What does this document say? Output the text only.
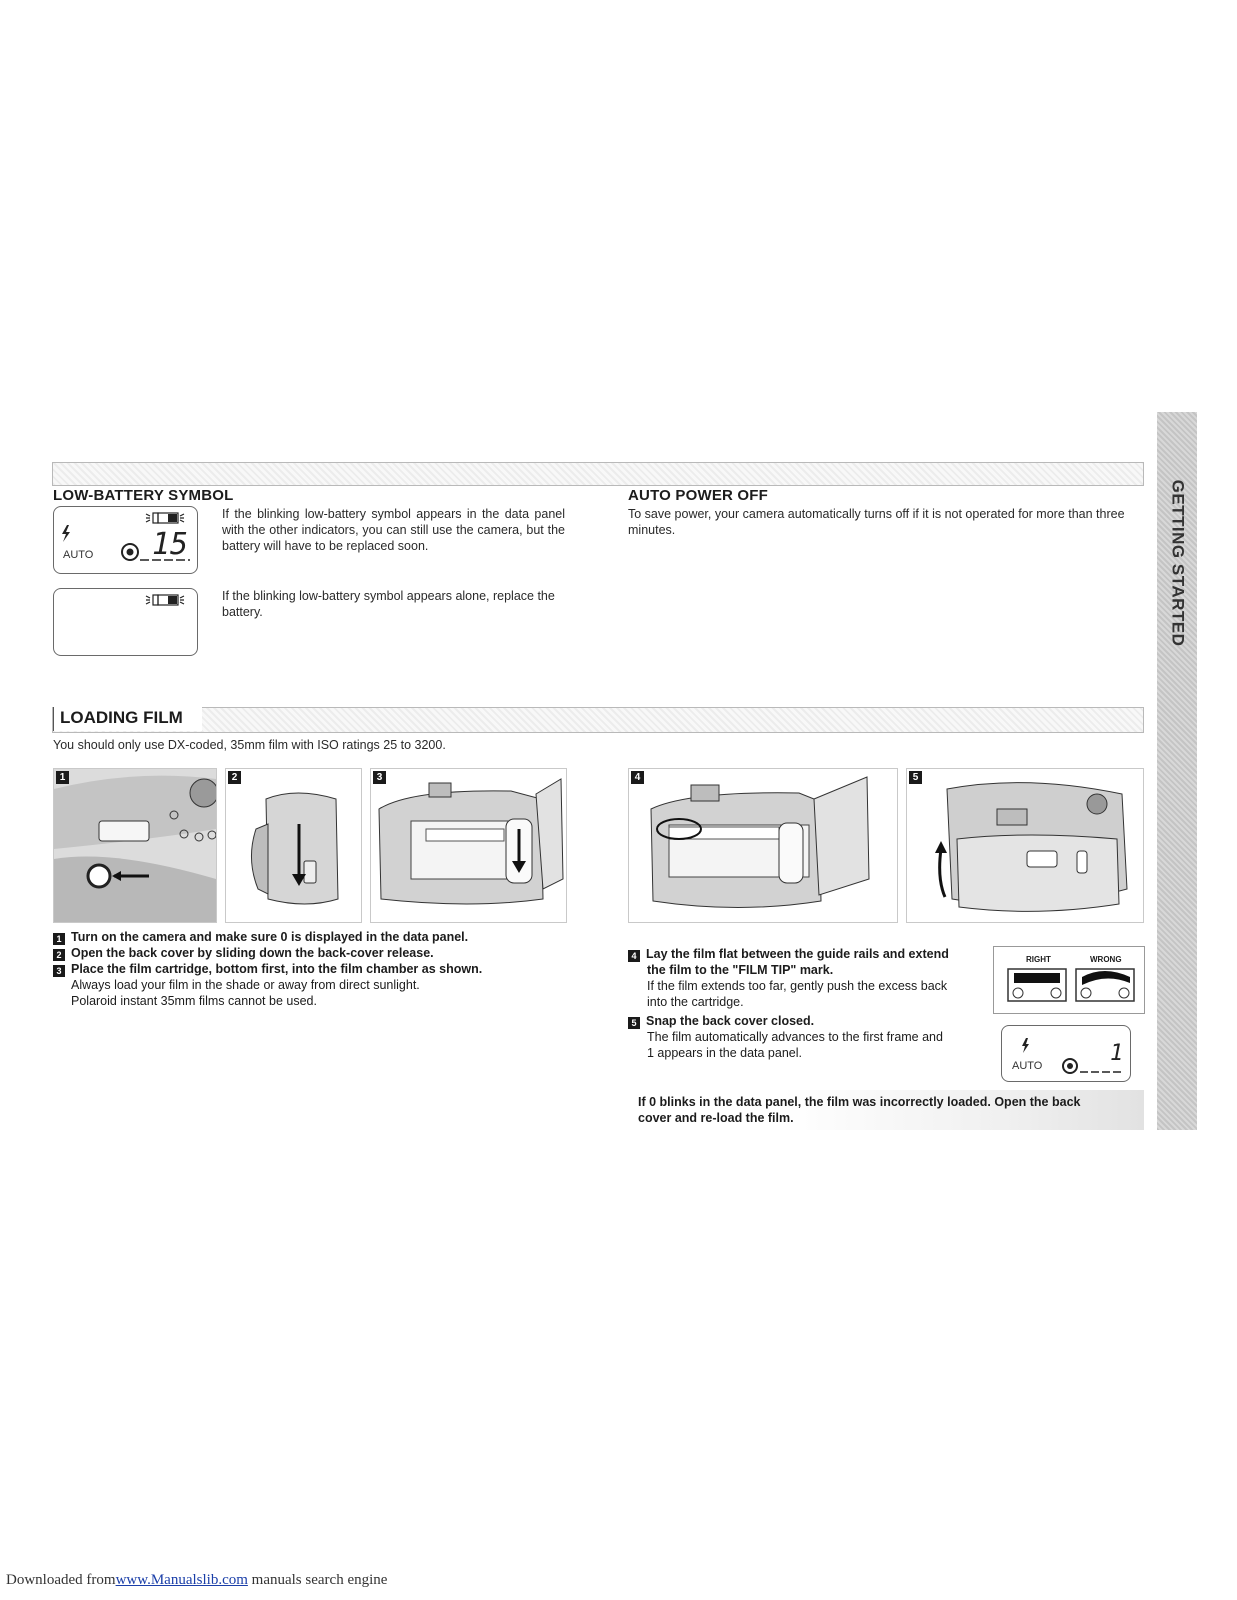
LOW-BATTERY SYMBOL
AUTO 15
If the blinking low-battery symbol appears in the data panel with the other indicators, you can still use the camera, but the battery will have to be replaced soon.
If the blinking low-battery symbol appears alone, replace the battery.
AUTO POWER OFF
To save power, your camera automatically turns off if it is not operated for more than three minutes.
LOADING FILM
You should only use DX-coded, 35mm film with ISO ratings 25 to 3200.
1	2	3	4	5
1 Turn on the camera and make sure 0 is displayed in the data panel.
2 Open the back cover by sliding down the back-cover release.
3 Place the film cartridge, bottom first, into the film chamber as shown.
Always load your film in the shade or away from direct sunlight.
Polaroid instant 35mm films cannot be used.
4 Lay the film flat between the guide rails and extend
the film to the "FILM TIP" mark.
If the film extends too far, gently push the excess back
into the cartridge.
RIGHT	WRONG
5 Snap the back cover closed.
The film automatically advances to the first frame and
1 appears in the data panel.
AUTO	1
If 0 blinks in the data panel, the film was incorrectly loaded. Open the back
cover and re-load the film.
GETTING STARTED
Downloaded fromwww.Manualslib.com manuals search engine
